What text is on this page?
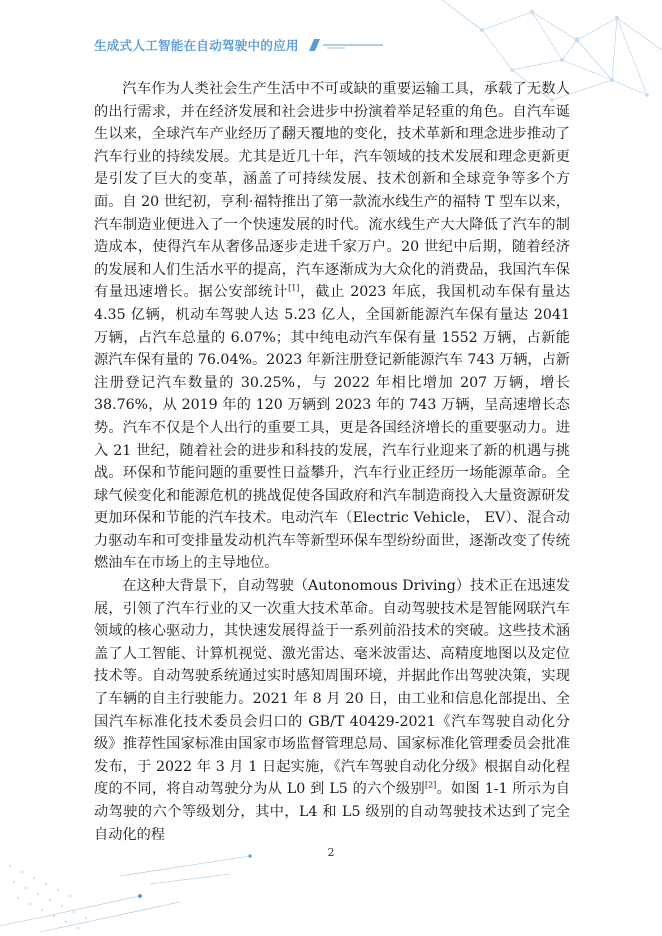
生成式人工智能在自动驾驶中的应用

汽车作为人类社会生产生活中不可或缺的重要运输工具，承载了无数人的出行需求，并在经济发展和社会进步中扮演着举足轻重的角色。自汽车诞生以来，全球汽车产业经历了翻天覆地的变化，技术革新和理念进步推动了汽车行业的持续发展。尤其是近几十年，汽车领域的技术发展和理念更新更是引发了巨大的变革，涵盖了可持续发展、技术创新和全球竞争等多个方面。自 20 世纪初，亨利·福特推出了第一款流水线生产的福特 T 型车以来，汽车制造业便进入了一个快速发展的时代。流水线生产大大降低了汽车的制造成本，使得汽车从奢侈品逐步走进千家万户。20 世纪中后期，随着经济的发展和人们生活水平的提高，汽车逐渐成为大众化的消费品，我国汽车保有量迅速增长。据公安部统计[1]，截止 2023 年底，我国机动车保有量达 4.35 亿辆，机动车驾驶人达 5.23 亿人，全国新能源汽车保有量达 2041 万辆，占汽车总量的 6.07%；其中纯电动汽车保有量 1552 万辆，占新能源汽车保有量的 76.04%。2023 年新注册登记新能源汽车 743 万辆，占新注册登记汽车数量的 30.25%，与 2022 年相比增加 207 万辆，增长 38.76%，从 2019 年的 120 万辆到 2023 年的 743 万辆，呈高速增长态势。汽车不仅是个人出行的重要工具，更是各国经济增长的重要驱动力。进入 21 世纪，随着社会的进步和科技的发展，汽车行业迎来了新的机遇与挑战。环保和节能问题的重要性日益攀升，汽车行业正经历一场能源革命。全球气候变化和能源危机的挑战促使各国政府和汽车制造商投入大量资源研发更加环保和节能的汽车技术。电动汽车（Electric Vehicle， EV）、混合动力驱动车和可变排量发动机汽车等新型环保车型纷纷面世，逐渐改变了传统燃油车在市场上的主导地位。

在这种大背景下，自动驾驶（Autonomous Driving）技术正在迅速发展，引领了汽车行业的又一次重大技术革命。自动驾驶技术是智能网联汽车领域的核心驱动力，其快速发展得益于一系列前沿技术的突破。这些技术涵盖了人工智能、计算机视觉、激光雷达、毫米波雷达、高精度地图以及定位技术等。自动驾驶系统通过实时感知周围环境，并据此作出驾驶决策，实现了车辆的自主行驶能力。2021 年 8 月 20 日，由工业和信息化部提出、全国汽车标准化技术委员会归口的 GB/T 40429-2021《汽车驾驶自动化分级》推荐性国家标准由国家市场监督管理总局、国家标准化管理委员会批准发布，于 2022 年 3 月 1 日起实施，《汽车驾驶自动化分级》根据自动化程度的不同，将自动驾驶分为从 L0 到 L5 的六个级别[2]。如图 1-1 所示为自动驾驶的六个等级划分，其中，L4 和 L5 级别的自动驾驶技术达到了完全自动化的程

2
